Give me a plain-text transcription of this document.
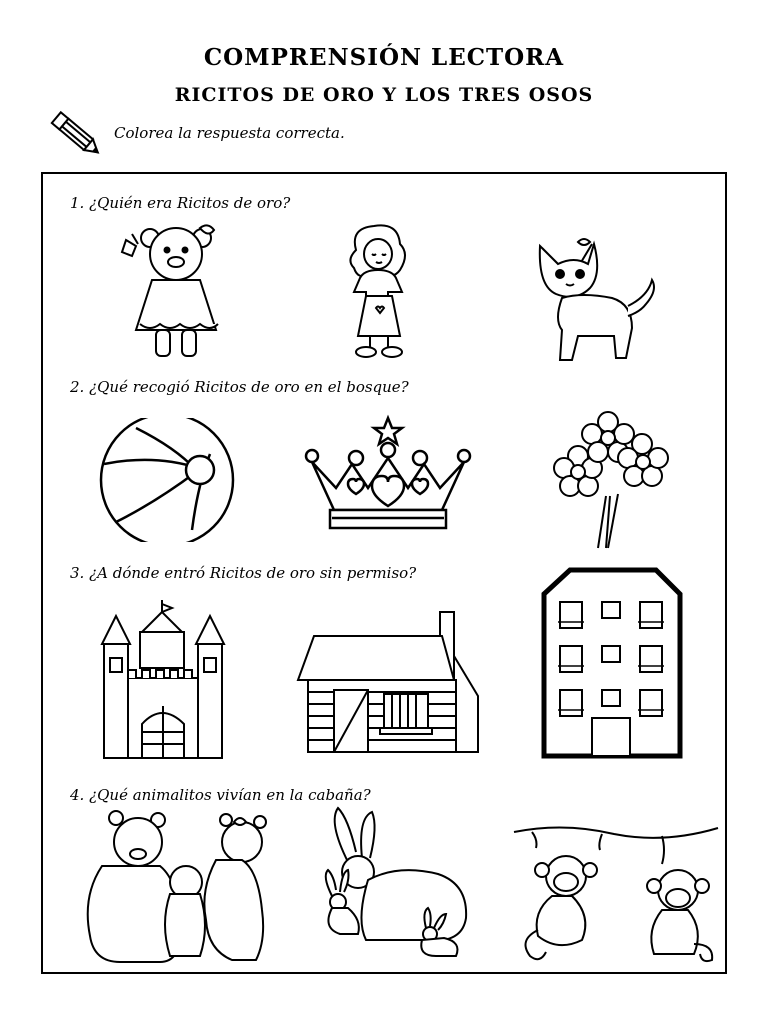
COMPRENSIÓN LECTORA
RICITOS DE ORO Y LOS TRES OSOS
Colorea la respuesta correcta.
1. ¿Quién era Ricitos de oro?
2. ¿Qué recogió Ricitos de oro en el bosque?
3. ¿A dónde entró Ricitos de oro sin permiso?
4. ¿Qué animalitos vivían en la cabaña?
